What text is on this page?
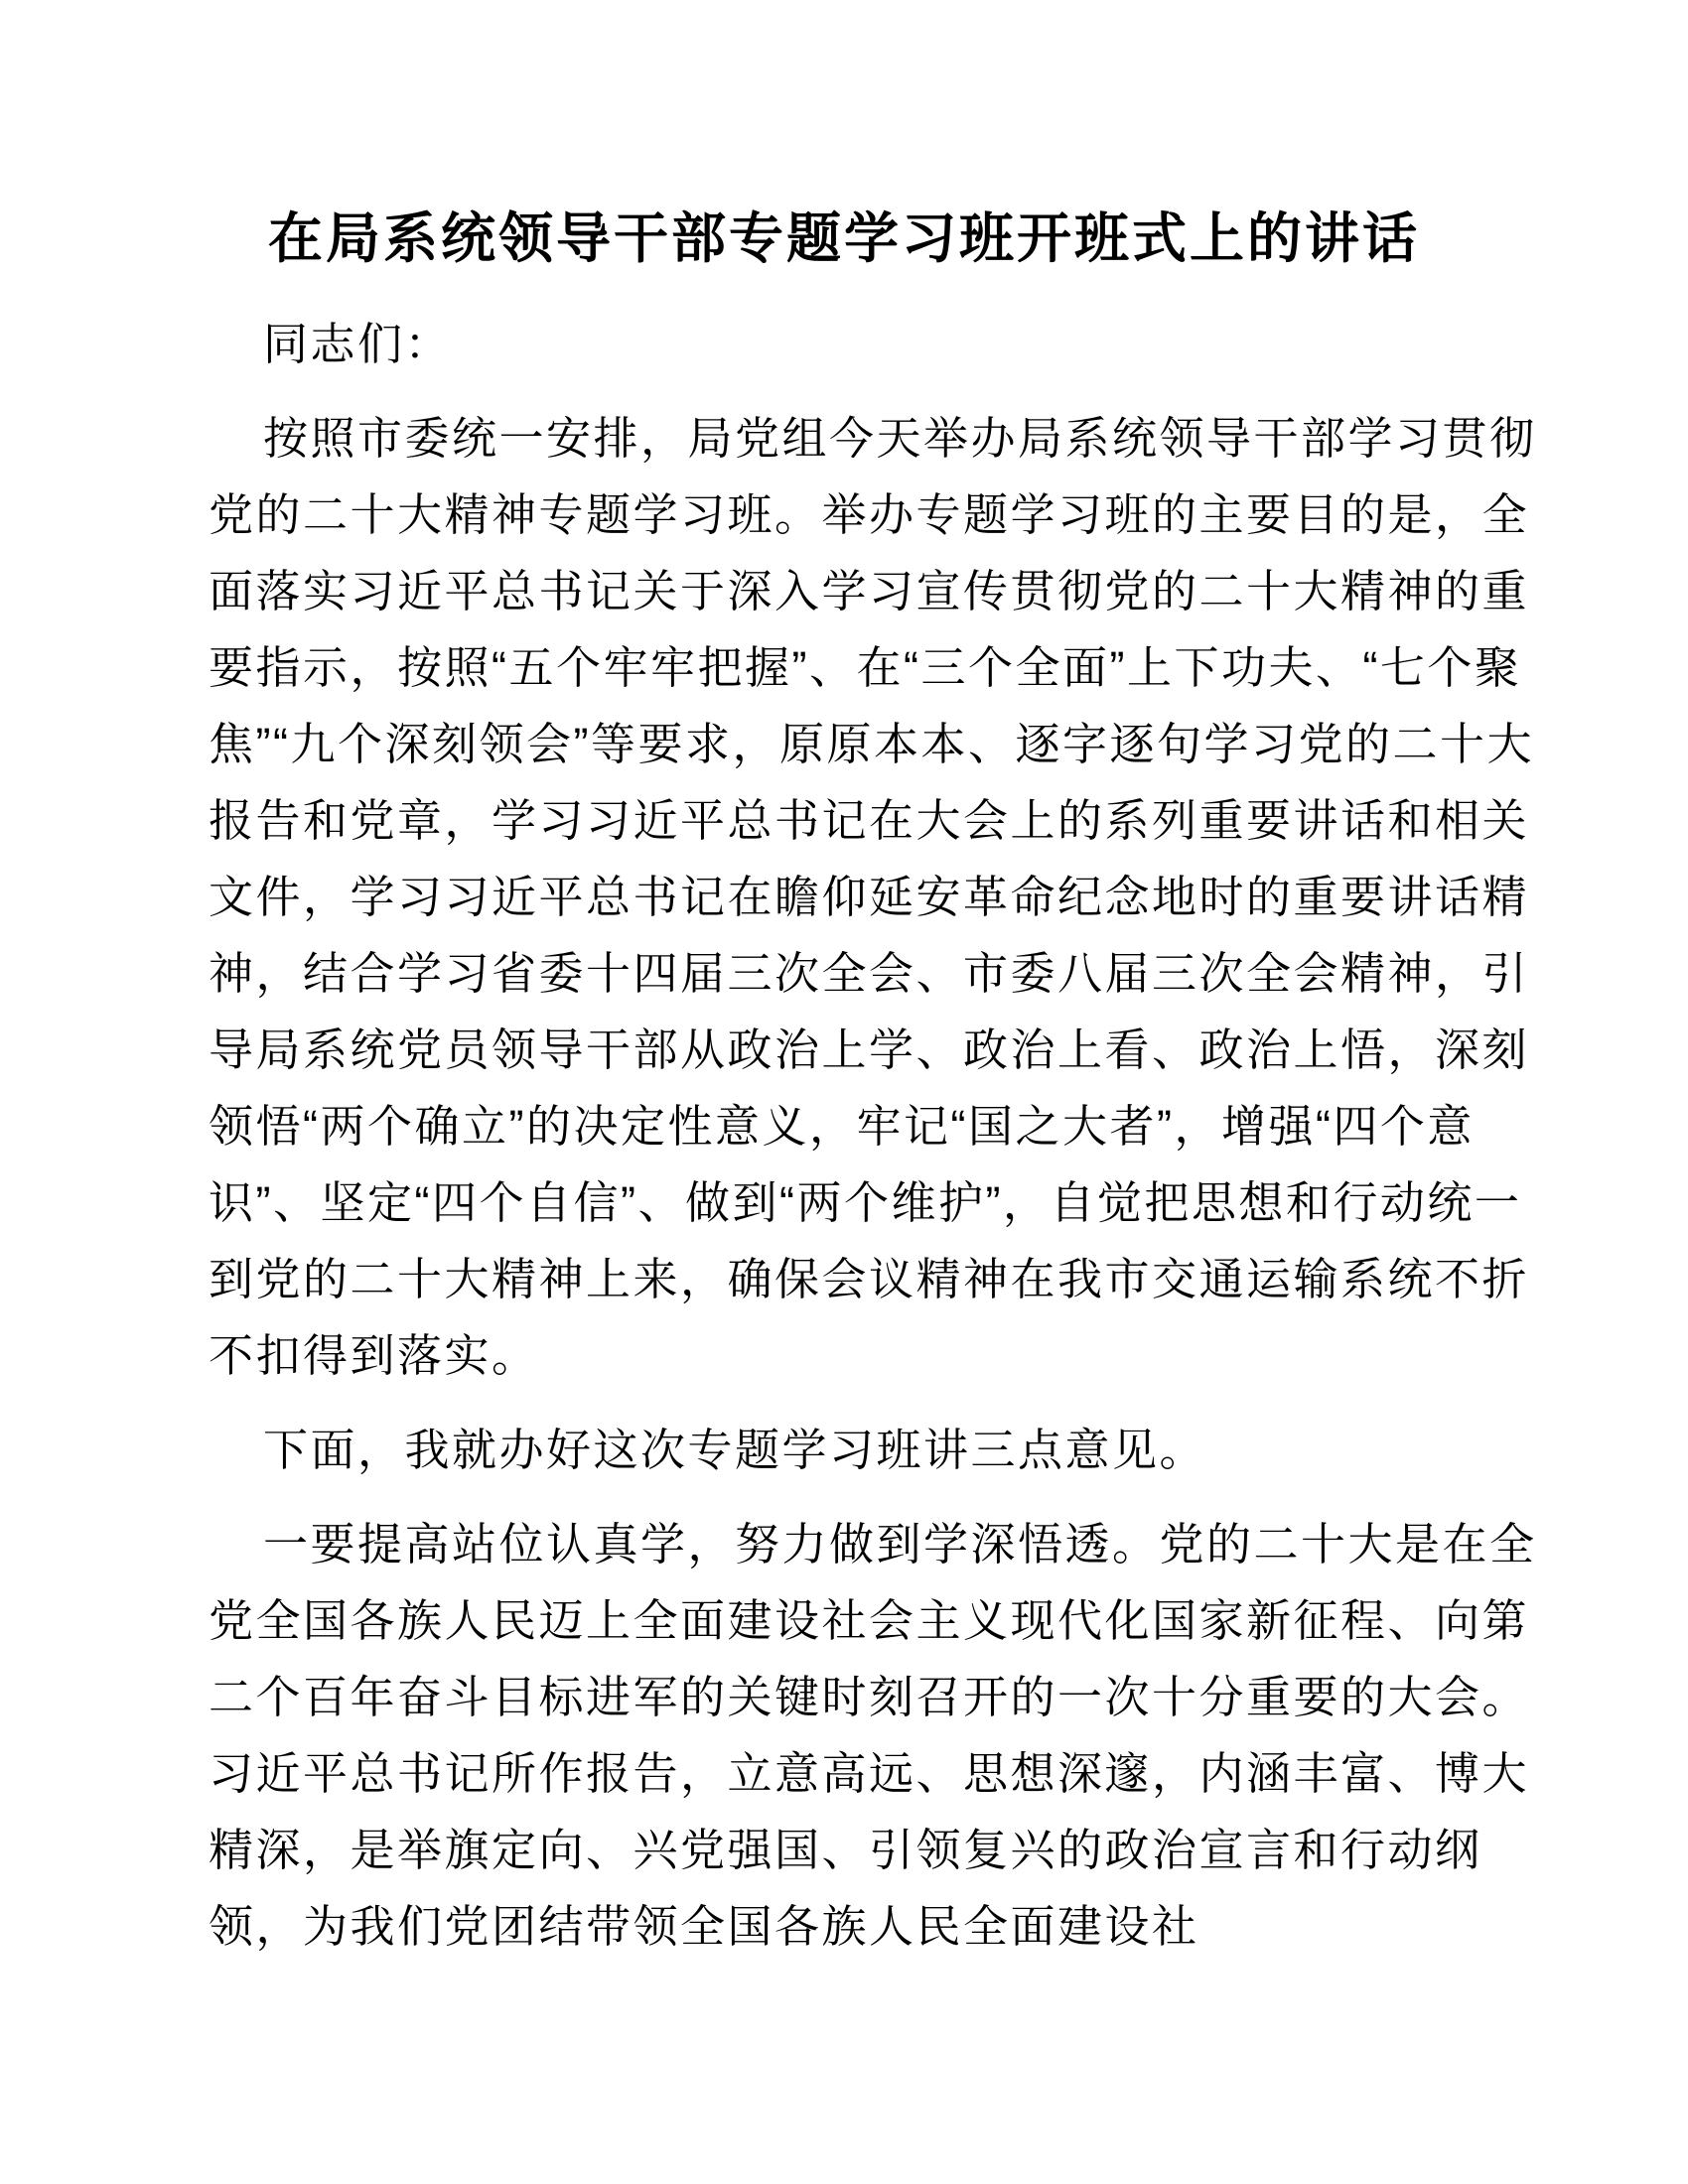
在局系统领导干部专题学习班开班式上的讲话

同志们：

按照市委统一安排，局党组今天举办局系统领导干部学习贯彻党的二十大精神专题学习班。举办专题学习班的主要目的是，全面落实习近平总书记关于深入学习宣传贯彻党的二十大精神的重要指示，按照“五个牢牢把握”、在“三个全面”上下功夫、“七个聚焦”“九个深刻领会”等要求，原原本本、逐字逐句学习党的二十大报告和党章，学习习近平总书记在大会上的系列重要讲话和相关文件，学习习近平总书记在瞻仰延安革命纪念地时的重要讲话精神，结合学习省委十四届三次全会、市委八届三次全会精神，引导局系统党员领导干部从政治上学、政治上看、政治上悟，深刻领悟“两个确立”的决定性意义，牢记“国之大者”，增强“四个意识”、坚定“四个自信”、做到“两个维护”，自觉把思想和行动统一到党的二十大精神上来，确保会议精神在我市交通运输系统不折不扣得到落实。

下面，我就办好这次专题学习班讲三点意见。

一要提高站位认真学，努力做到学深悟透。党的二十大是在全党全国各族人民迈上全面建设社会主义现代化国家新征程、向第二个百年奋斗目标进军的关键时刻召开的一次十分重要的大会。习近平总书记所作报告，立意高远、思想深邃，内涵丰富、博大精深，是举旗定向、兴党强国、引领复兴的政治宣言和行动纲领，为我们党团结带领全国各族人民全面建设社
